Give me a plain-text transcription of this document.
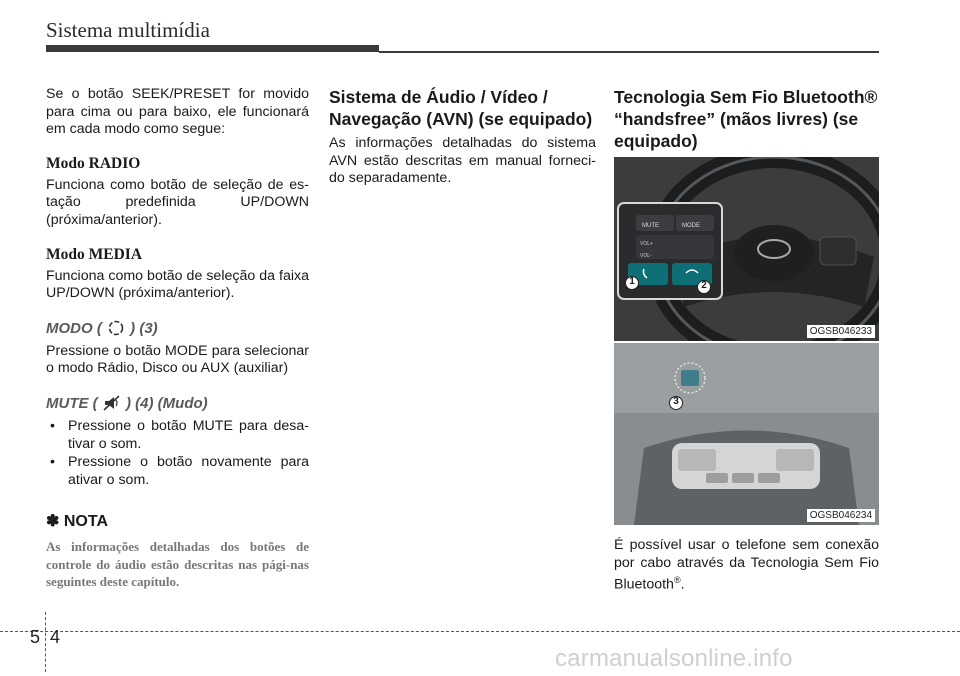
Sistema multimídia

Se o botão SEEK/PRESET for movido para cima ou para baixo, ele funcionará em cada modo como segue:

Modo RADIO

Funciona como botão de seleção de es-tação predefinida UP/DOWN (próxima/anterior).

Modo MEDIA

Funciona como botão de seleção da faixa UP/DOWN (próxima/anterior).

MODO ( ) (3)

Pressione o botão MODE para selecionar o modo Rádio, Disco ou AUX (auxiliar)

MUTE ( ) (4) (Mudo)
• Pressione o botão MUTE para desa-tivar o som.
• Pressione o botão novamente para ativar o som.

✽ NOTA

As informações detalhadas dos botões de controle do áudio estão descritas nas pági-nas seguintes deste capítulo.

Sistema de Áudio / Vídeo / Navegação (AVN) (se equipado)

As informações detalhadas do sistema AVN estão descritas em manual forneci-do separadamente.

Tecnologia Sem Fio Bluetooth® “handsfree” (mãos livres) (se equipado)
MUTE	MODE
VOL+
VOL-
1	2
OGSB046233
3
OGSB046234

É possível usar o telefone sem conexão por cabo através da Tecnologia Sem Fio Bluetooth®.

5 4
carmanualsonline.info
